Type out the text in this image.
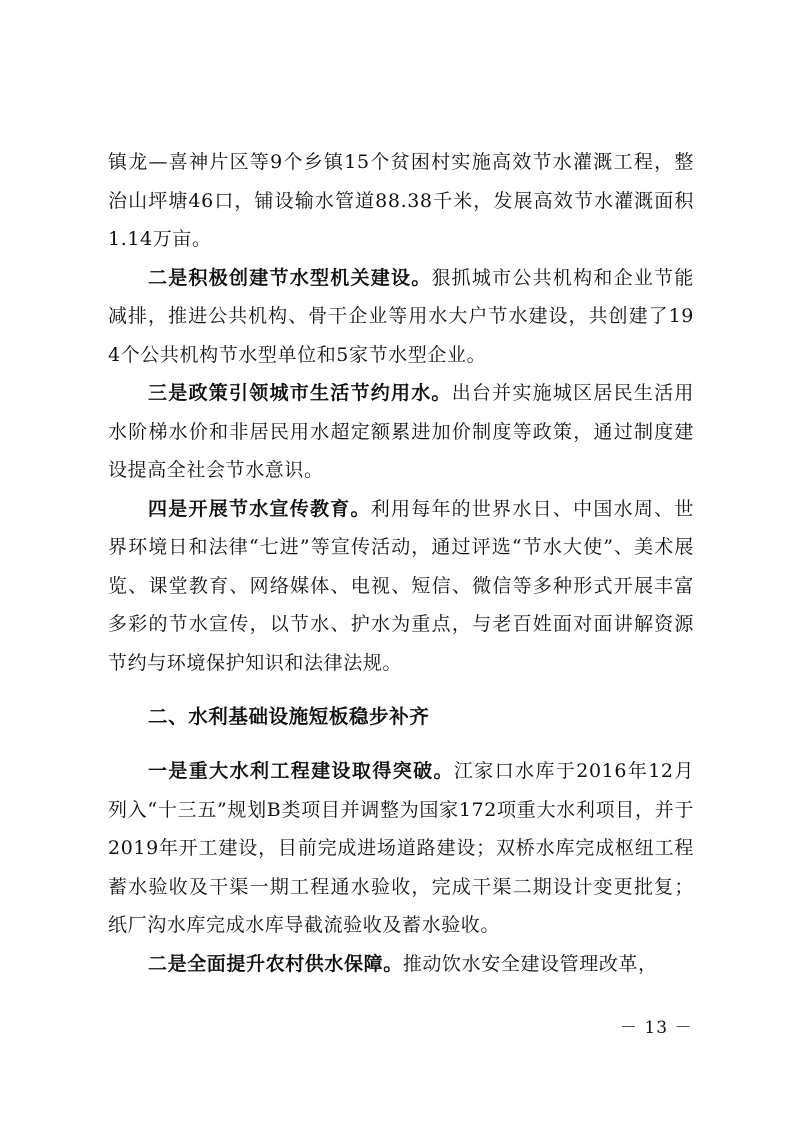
镇龙—喜神片区等9个乡镇15个贫困村实施高效节水灌溉工程，整治山坪塘46口，铺设输水管道88.38千米，发展高效节水灌溉面积1.14万亩。

二是积极创建节水型机关建设。狠抓城市公共机构和企业节能减排，推进公共机构、骨干企业等用水大户节水建设，共创建了194个公共机构节水型单位和5家节水型企业。

三是政策引领城市生活节约用水。出台并实施城区居民生活用水阶梯水价和非居民用水超定额累进加价制度等政策，通过制度建设提高全社会节水意识。

四是开展节水宣传教育。利用每年的世界水日、中国水周、世界环境日和法律“七进”等宣传活动，通过评选“节水大使”、美术展览、课堂教育、网络媒体、电视、短信、微信等多种形式开展丰富多彩的节水宣传，以节水、护水为重点，与老百姓面对面讲解资源节约与环境保护知识和法律法规。

二、水利基础设施短板稳步补齐

一是重大水利工程建设取得突破。江家口水库于2016年12月列入“十三五”规划B类项目并调整为国家172项重大水利项目，并于2019年开工建设，目前完成进场道路建设；双桥水库完成枢纽工程蓄水验收及干渠一期工程通水验收，完成干渠二期设计变更批复；纸厂沟水库完成水库导截流验收及蓄水验收。

二是全面提升农村供水保障。推动饮水安全建设管理改革，

－ 13 －
